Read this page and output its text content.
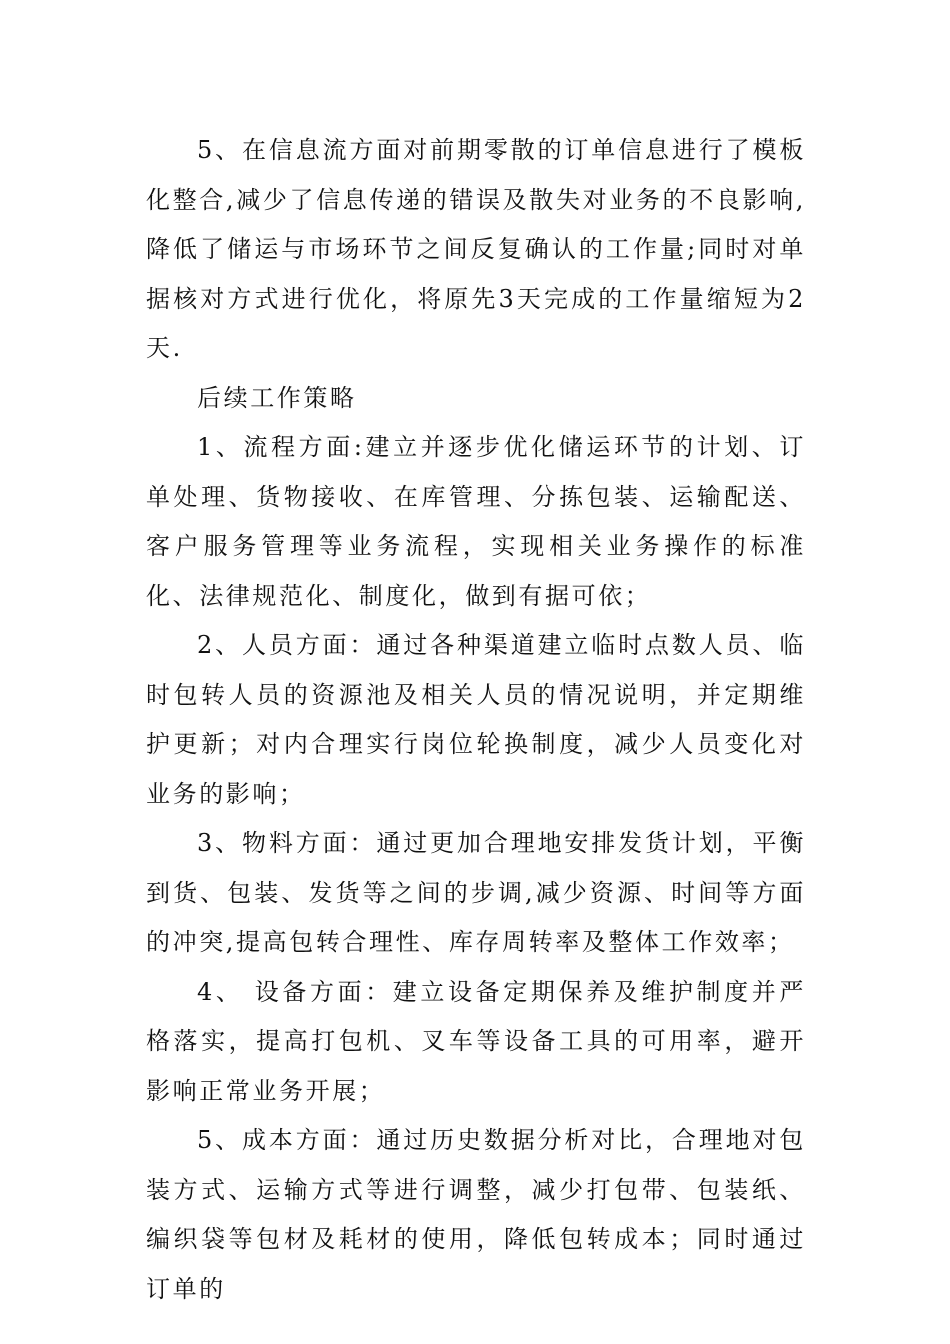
5、在信息流方面对前期零散的订单信息进行了模板化整合,减少了信息传递的错误及散失对业务的不良影响,降低了储运与市场环节之间反复确认的工作量;同时对单据核对方式进行优化，将原先3天完成的工作量缩短为2天.

后续工作策略

1、流程方面:建立并逐步优化储运环节的计划、订单处理、货物接收、在库管理、分拣包装、运输配送、客户服务管理等业务流程，实现相关业务操作的标准化、法律规范化、制度化，做到有据可依；

2、人员方面：通过各种渠道建立临时点数人员、临时包转人员的资源池及相关人员的情况说明，并定期维护更新；对内合理实行岗位轮换制度，减少人员变化对业务的影响；

3、物料方面：通过更加合理地安排发货计划，平衡到货、包装、发货等之间的步调,减少资源、时间等方面的冲突,提高包转合理性、库存周转率及整体工作效率；

4、 设备方面：建立设备定期保养及维护制度并严格落实，提高打包机、叉车等设备工具的可用率，避开影响正常业务开展；

5、成本方面：通过历史数据分析对比，合理地对包装方式、运输方式等进行调整，减少打包带、包装纸、编织袋等包材及耗材的使用，降低包转成本；同时通过订单的
